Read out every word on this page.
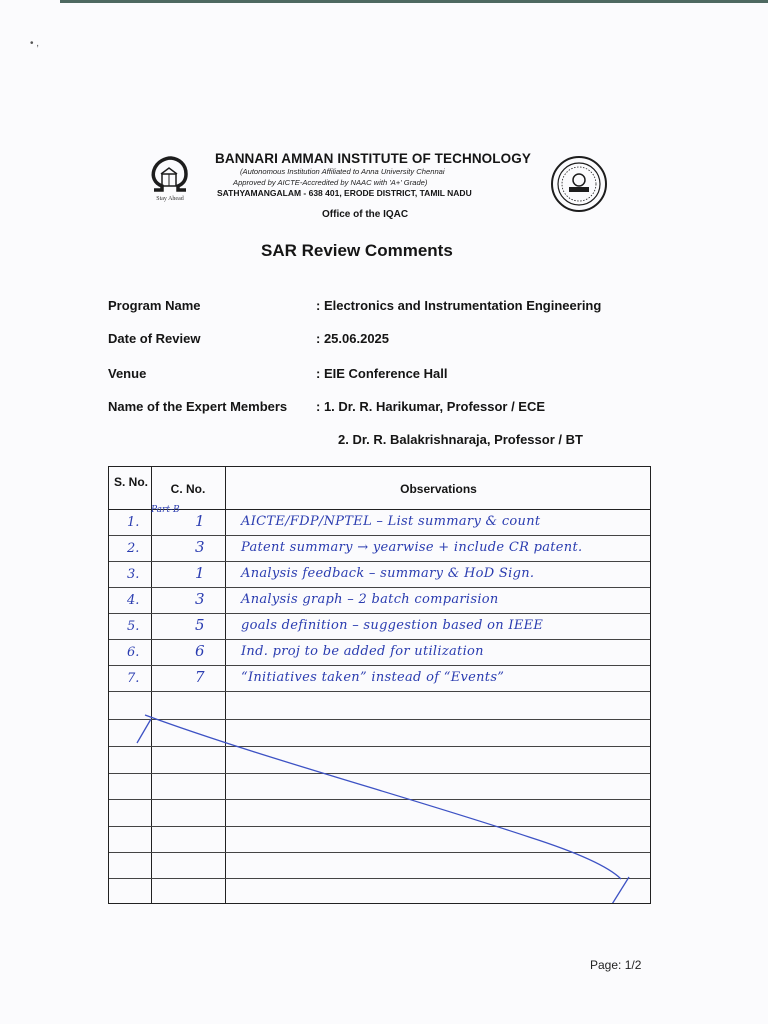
• ,
Stay Ahead
BANNARI AMMAN INSTITUTE OF TECHNOLOGY
(Autonomous Institution Affiliated to Anna University Chennai
Approved by AICTE-Accredited by NAAC with 'A+' Grade)
SATHYAMANGALAM - 638 401, ERODE DISTRICT, TAMIL NADU
Office of the IQAC
SAR Review Comments
Program Name	: Electronics and Instrumentation Engineering
Date of Review	: 25.06.2025
Venue	: EIE Conference Hall
Name of the Expert Members : 1. Dr. R. Harikumar, Professor / ECE
2. Dr. R. Balakrishnaraja, Professor / BT
S. No.	C. No.	Observations
Part-B
1.	1	AICTE/FDP/NPTEL – List summary & count
2.	3	Patent summary → yearwise + include CR patent.
3.	1	Analysis feedback – summary & HoD Sign.
4.	3	Analysis graph – 2 batch comparision
5.	5	goals definition – suggestion based on IEEE
6.	6	Ind. proj to be added for utilization
7.	7	“Initiatives taken” instead of “Events”
Page: 1/2
